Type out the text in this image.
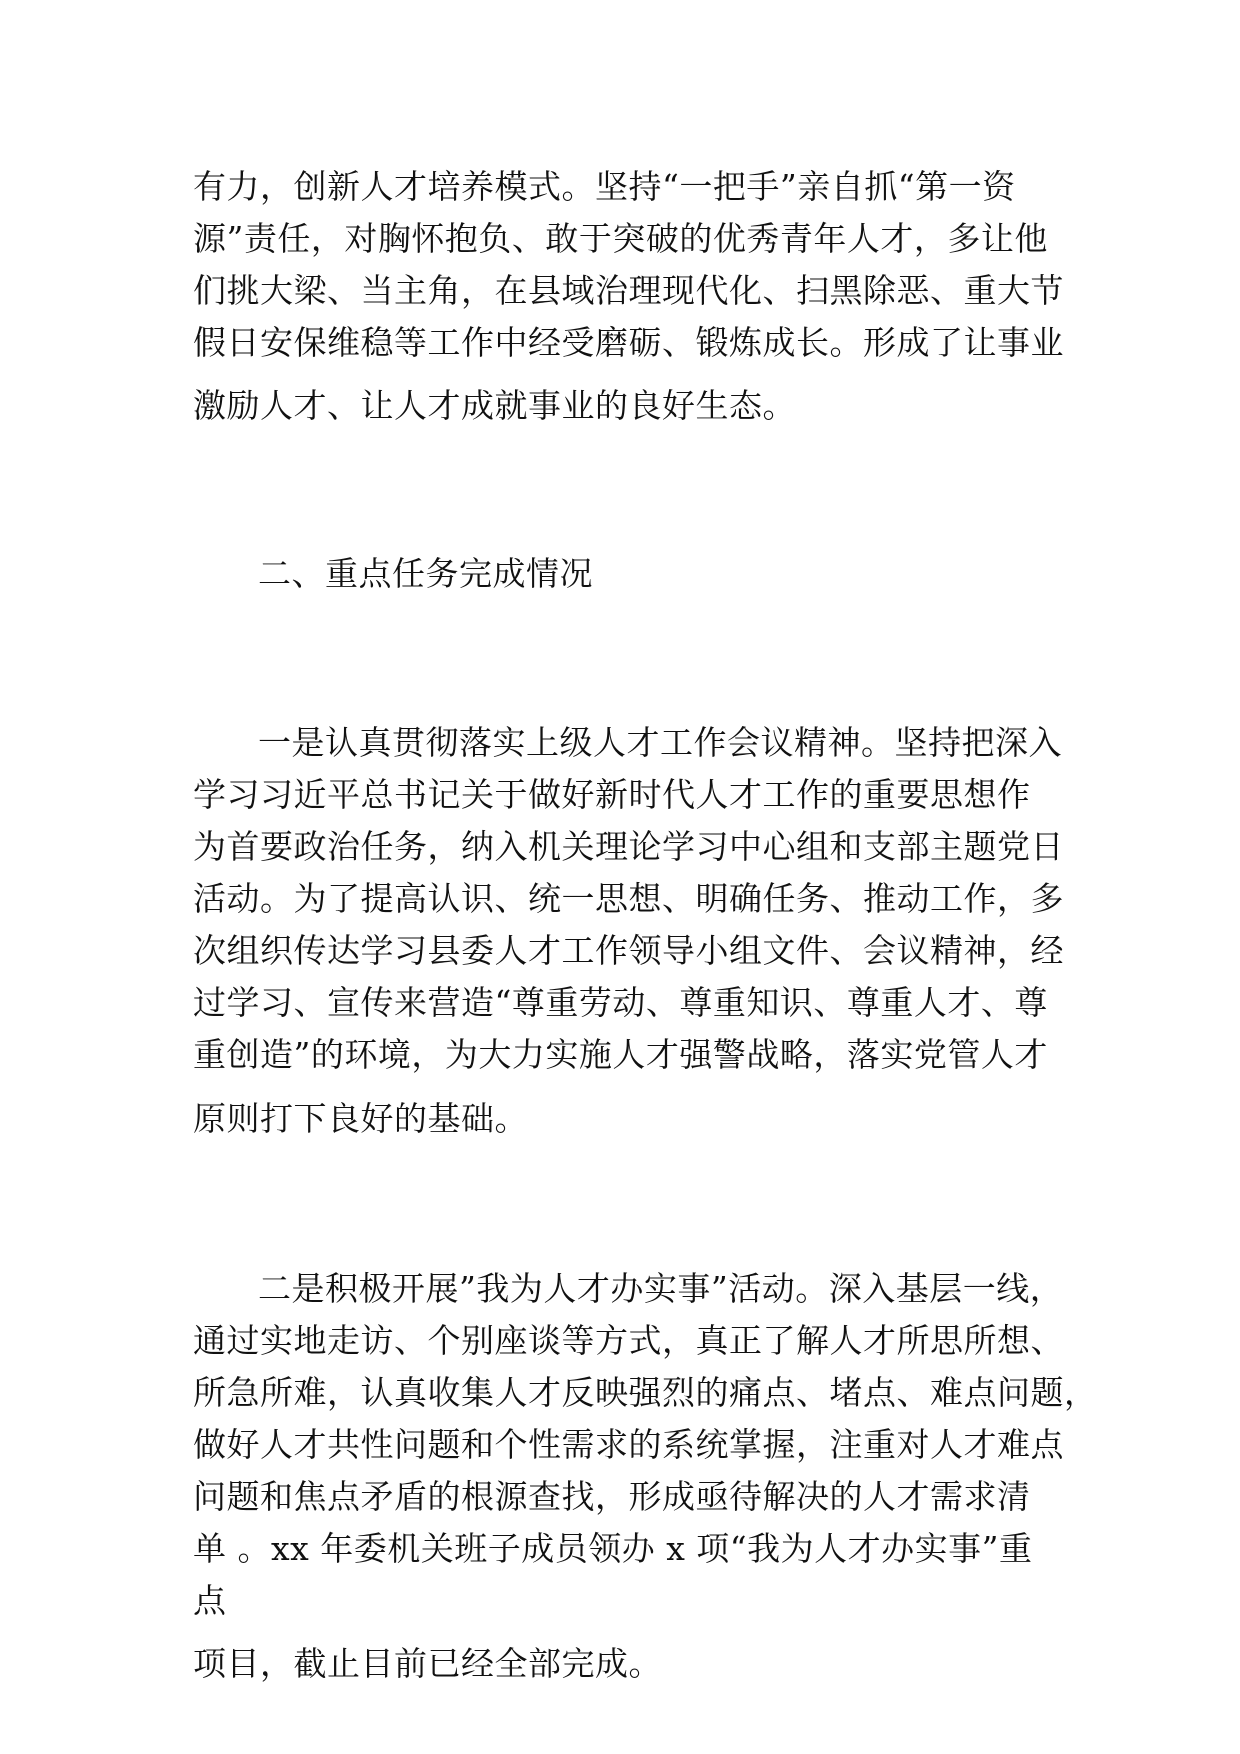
有力，创新人才培养模式。坚持“一把手”亲自抓“第一资
源”责任，对胸怀抱负、敢于突破的优秀青年人才，多让他
们挑大梁、当主角，在县域治理现代化、扫黑除恶、重大节
假日安保维稳等工作中经受磨砺、锻炼成长。形成了让事业
激励人才、让人才成就事业的良好生态。
二、重点任务完成情况
一是认真贯彻落实上级人才工作会议精神。坚持把深入
学习习近平总书记关于做好新时代人才工作的重要思想作
为首要政治任务，纳入机关理论学习中心组和支部主题党日
活动。为了提高认识、统一思想、明确任务、推动工作，多
次组织传达学习县委人才工作领导小组文件、会议精神，经
过学习、宣传来营造“尊重劳动、尊重知识、尊重人才、尊
重创造”的环境，为大力实施人才强警战略，落实党管人才
原则打下良好的基础。
二是积极开展”我为人才办实事”活动。深入基层一线，
通过实地走访、个别座谈等方式，真正了解人才所思所想、
所急所难，认真收集人才反映强烈的痛点、堵点、难点问题，
做好人才共性问题和个性需求的系统掌握，注重对人才难点
问题和焦点矛盾的根源查找，形成亟待解决的人才需求清
单 。xx 年委机关班子成员领办 x 项“我为人才办实事”重
点
项目，截止目前已经全部完成。
